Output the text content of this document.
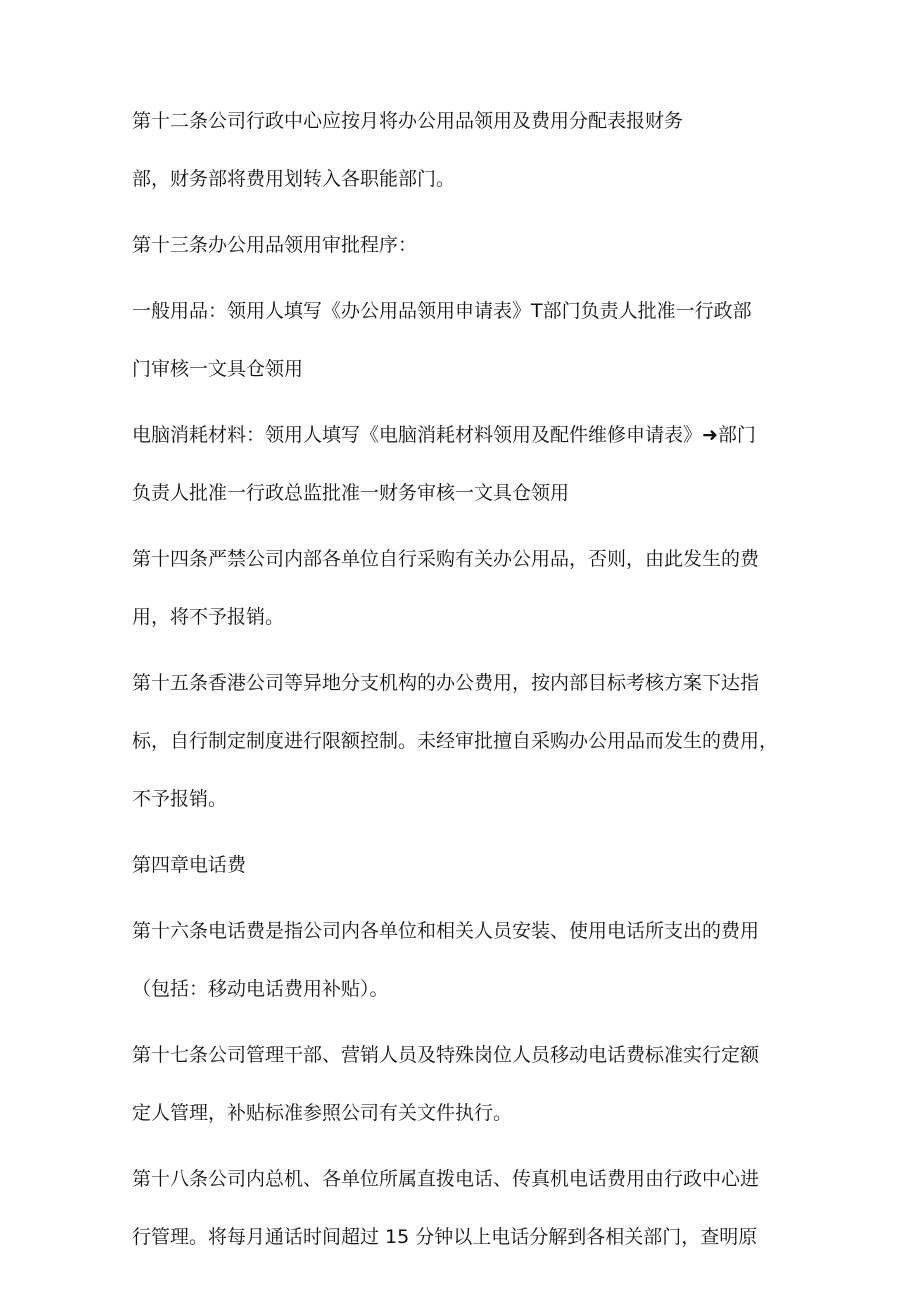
第十二条公司行政中心应按月将办公用品领用及费用分配表报财务
部，财务部将费用划转入各职能部门。

第十三条办公用品领用审批程序：

一般用品：领用人填写《办公用品领用申请表》T部门负责人批准一行政部
门审核一文具仓领用

电脑消耗材料：领用人填写《电脑消耗材料领用及配件维修申请表》➜部门
负责人批准一行政总监批准一财务审核一文具仓领用

第十四条严禁公司内部各单位自行采购有关办公用品，否则，由此发生的费
用，将不予报销。

第十五条香港公司等异地分支机构的办公费用，按内部目标考核方案下达指
标，自行制定制度进行限额控制。未经审批擅自采购办公用品而发生的费用，
不予报销。

第四章电话费

第十六条电话费是指公司内各单位和相关人员安装、使用电话所支出的费用
（包括：移动电话费用补贴）。

第十七条公司管理干部、营销人员及特殊岗位人员移动电话费标准实行定额
定人管理，补贴标准参照公司有关文件执行。

第十八条公司内总机、各单位所属直拨电话、传真机电话费用由行政中心进
行管理。将每月通话时间超过 15 分钟以上电话分解到各相关部门，查明原
